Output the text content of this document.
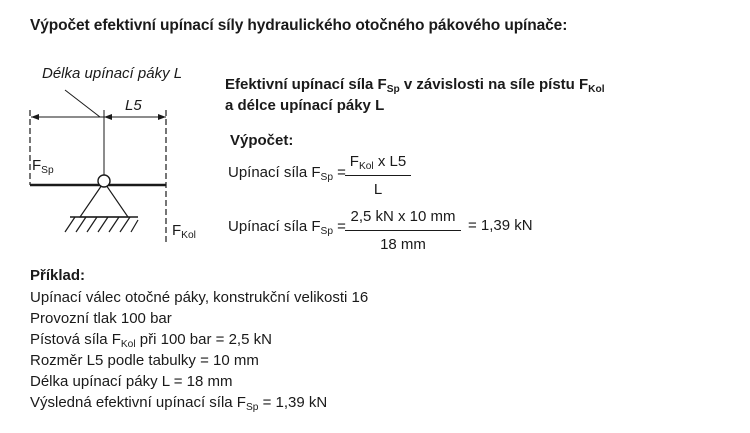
Výpočet efektivní upínací síly hydraulického otočného pákového upínače:
Délka upínací páky L
L5
$F_{Sp}$
$F_{Kol}$
Efektivní upínací síla $F_{Sp}$ v závislosti na síle pístu $F_{Kol}$
a délce upínací páky L
Výpočet:
Upínací síla $F_{Sp}$ =
$F_{Kol}$ x L5
L
Upínací síla $F_{Sp}$ =
2,5 kN x 10 mm
18 mm
= 1,39 kN
Příklad:
Upínací válec otočné páky, konstrukční velikosti 16
Provozní tlak 100 bar
Pístová síla $F_{Kol}$ při 100 bar = 2,5 kN
Rozměr L5 podle tabulky = 10 mm
Délka upínací páky L = 18 mm
Výsledná efektivní upínací síla $F_{Sp} = 1,39$ kN
